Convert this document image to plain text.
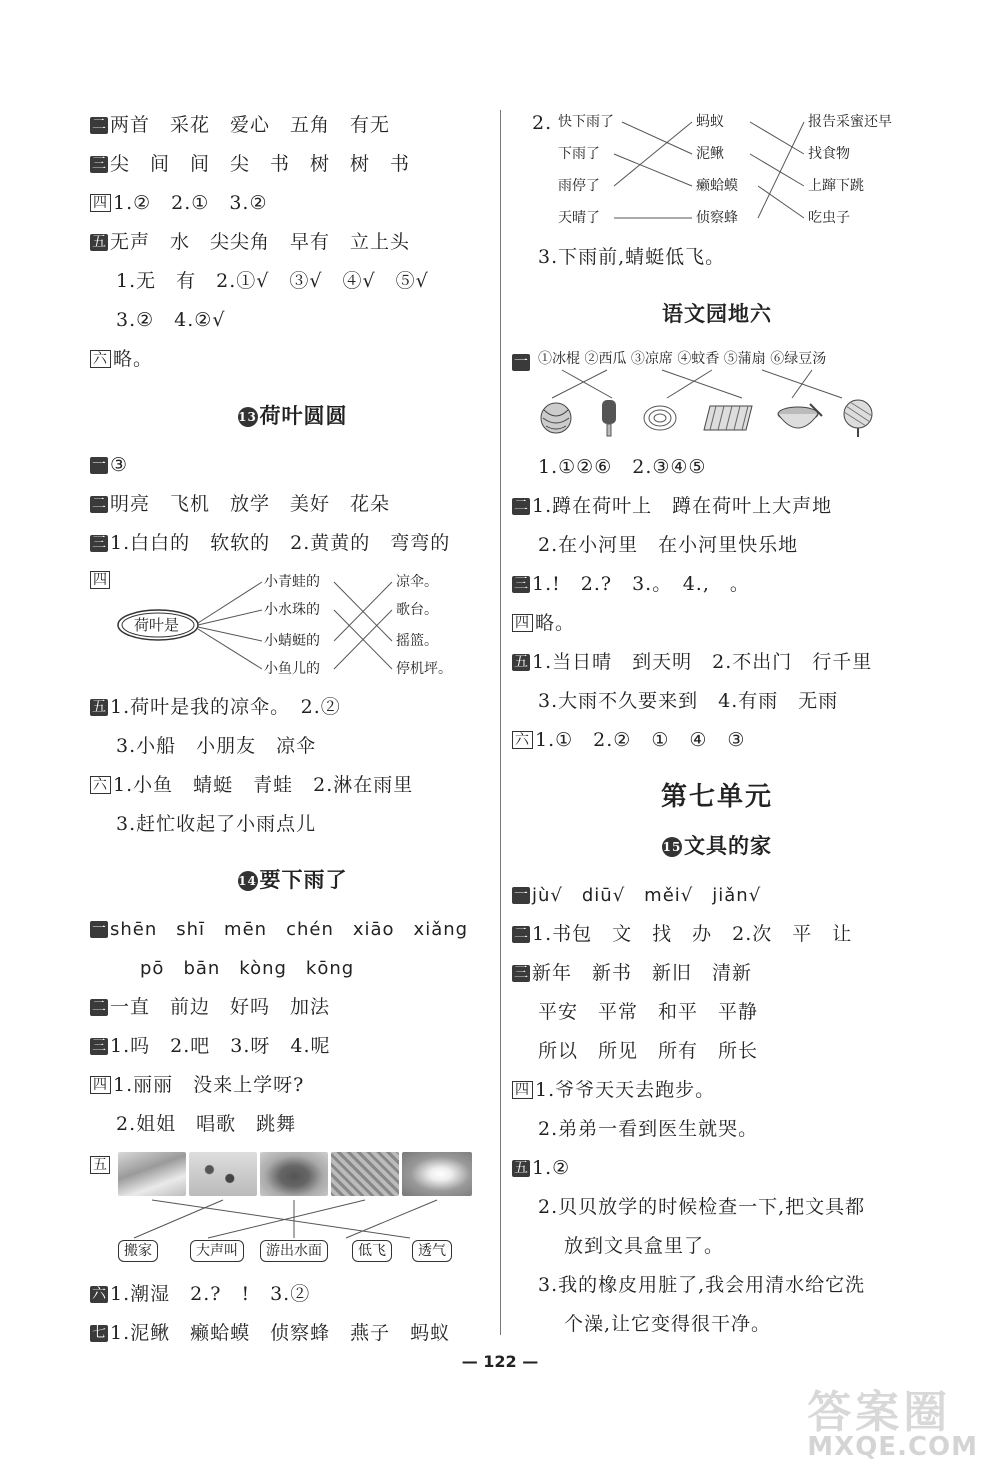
二 两首　采花　爱心　五角　有无
三 尖　间　间　尖　书　树　树　书
四 1.②　2.①　3.②
五 无声　水　尖尖角　早有　立上头
1.无　有　2.①√　③√　④√　⑤√
3.②　4.②√
六 略。
13 荷叶圆圆
一 ③
二 明亮　飞机　放学　美好　花朵
三 1.白白的　软软的　2.黄黄的　弯弯的
四
荷叶是
小青蛙的
小水珠的
小蜻蜓的
小鱼儿的
凉伞。
歌台。
摇篮。
停机坪。
五 1.荷叶是我的凉伞。　2.②
3.小船　小朋友　凉伞
六 1.小鱼　蜻蜓　青蛙　2.淋在雨里
3.赶忙收起了小雨点儿
14 要下雨了
一 shēn　shī　mēn　chén　xiāo　xiǎng
pō　bān　kòng　kōng
二 一直　前边　好吗　加法
三 1.吗　2.吧　3.呀　4.呢
四 1.丽丽　没来上学呀?
2.姐姐　唱歌　跳舞
五
搬家	大声叫	游出水面	低飞	透气
六 1.潮湿　2.?　!　3.②
七 1.泥鳅　癞蛤蟆　侦察蜂　燕子　蚂蚁
2. 快下雨了
下雨了
雨停了
天晴了
蚂蚁
泥鳅
癞蛤蟆
侦察蜂
报告采蜜还早
找食物
上蹿下跳
吃虫子
3.下雨前,蜻蜓低飞。
语文园地六
一 ①冰棍 ②西瓜 ③凉席 ④蚊香 ⑤蒲扇 ⑥绿豆汤
1.①②⑥　2.③④⑤
二 1.蹲在荷叶上　蹲在荷叶上大声地
2.在小河里　在小河里快乐地
三 1.!　2.?　3.。　4.,　。
四 略。
五 1.当日晴　到天明　2.不出门　行千里
3.大雨不久要来到　4.有雨　无雨
六 1.①　2.②　①　④　③
第七单元
15 文具的家
一 jù√　diū√　měi√　jiǎn√
二 1.书包　文　找　办　2.次　平　让
三 新年　新书　新旧　清新
平安　平常　和平　平静
所以　所见　所有　所长
四 1.爷爷天天去跑步。
2.弟弟一看到医生就哭。
五 1.②
2.贝贝放学的时候检查一下,把文具都
放到文具盒里了。
3.我的橡皮用脏了,我会用清水给它洗
个澡,让它变得很干净。
— 122 —
答案圈
MXQE.COM
